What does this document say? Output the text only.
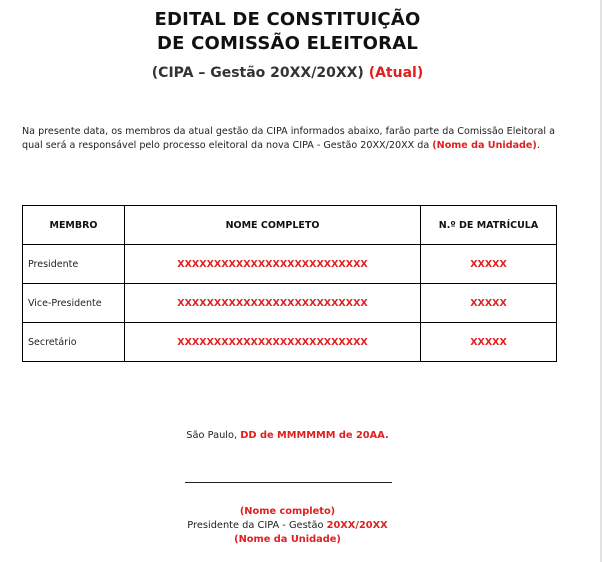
EDITAL DE CONSTITUIÇÃO
DE COMISSÃO ELEITORAL
(CIPA – Gestão 20XX/20XX) (Atual)
Na presente data, os membros da atual gestão da CIPA informados abaixo, farão parte da Comissão Eleitoral a qual será a responsável pelo processo eleitoral da nova CIPA - Gestão 20XX/20XX da (Nome da Unidade).
MEMBRO	NOME COMPLETO	N.º DE MATRÍCULA
Presidente	XXXXXXXXXXXXXXXXXXXXXXXXXX	XXXXX
Vice-Presidente	XXXXXXXXXXXXXXXXXXXXXXXXXX	XXXXX
Secretário	XXXXXXXXXXXXXXXXXXXXXXXXXX	XXXXX
São Paulo, DD de MMMMMM de 20AA.
(Nome completo)
Presidente da CIPA - Gestão 20XX/20XX
(Nome da Unidade)
